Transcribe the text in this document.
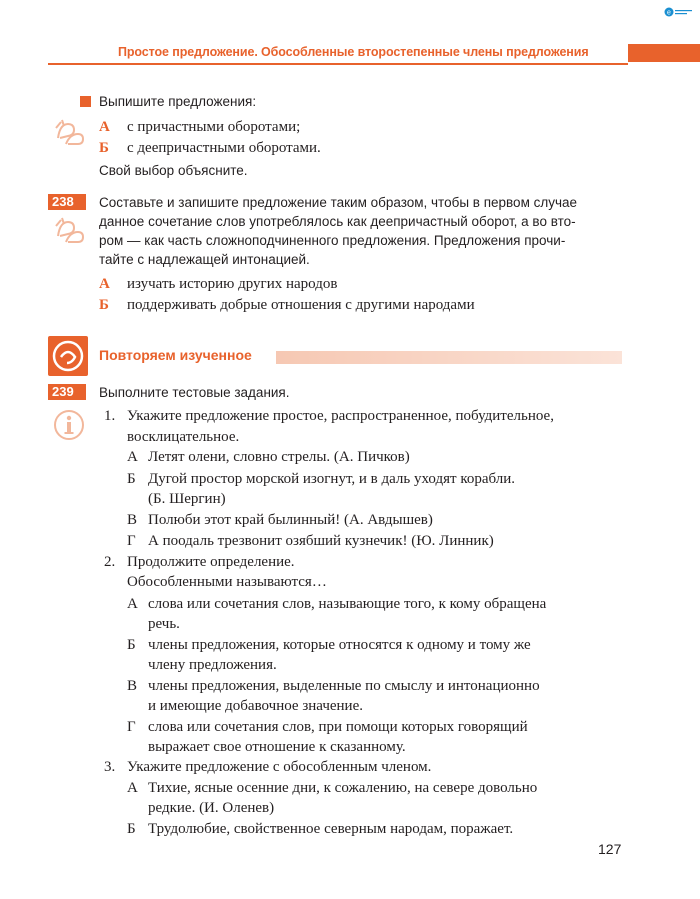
e
Простое предложение. Обособленные второстепенные члены предложения
Выпишите предложения:
А с причастными оборотами;
Б с деепричастными оборотами.
Свой выбор объясните.
238	Составьте и запишите предложение таким образом, чтобы в первом случае
данное сочетание слов употреблялось как деепричастный оборот, а во вто-
ром — как часть сложноподчиненного предложения. Предложения прочи-
тайте с надлежащей интонацией.
А изучать историю других народов
Б поддерживать добрые отношения с другими народами
Повторяем изученное
239	Выполните тестовые задания.
1. Укажите предложение простое, распространенное, побудительное,
восклицательное.
А Летят олени, словно стрелы. (А. Пичков)
Б Дугой простор морской изогнут, и в даль уходят корабли.
(Б. Шергин)
В Полюби этот край былинный! (А. Авдышев)
Г А поодаль трезвонит озябший кузнечик! (Ю. Линник)
2. Продолжите определение.
Обособленными называются…
А слова или сочетания слов, называющие того, к кому обращена
речь.
Б члены предложения, которые относятся к одному и тому же
члену предложения.
В члены предложения, выделенные по смыслу и интонационно
и имеющие добавочное значение.
Г слова или сочетания слов, при помощи которых говорящий
выражает свое отношение к сказанному.
3. Укажите предложение с обособленным членом.
А Тихие, ясные осенние дни, к сожалению, на севере довольно
редкие. (И. Оленев)
Б Трудолюбие, свойственное северным народам, поражает.
127
